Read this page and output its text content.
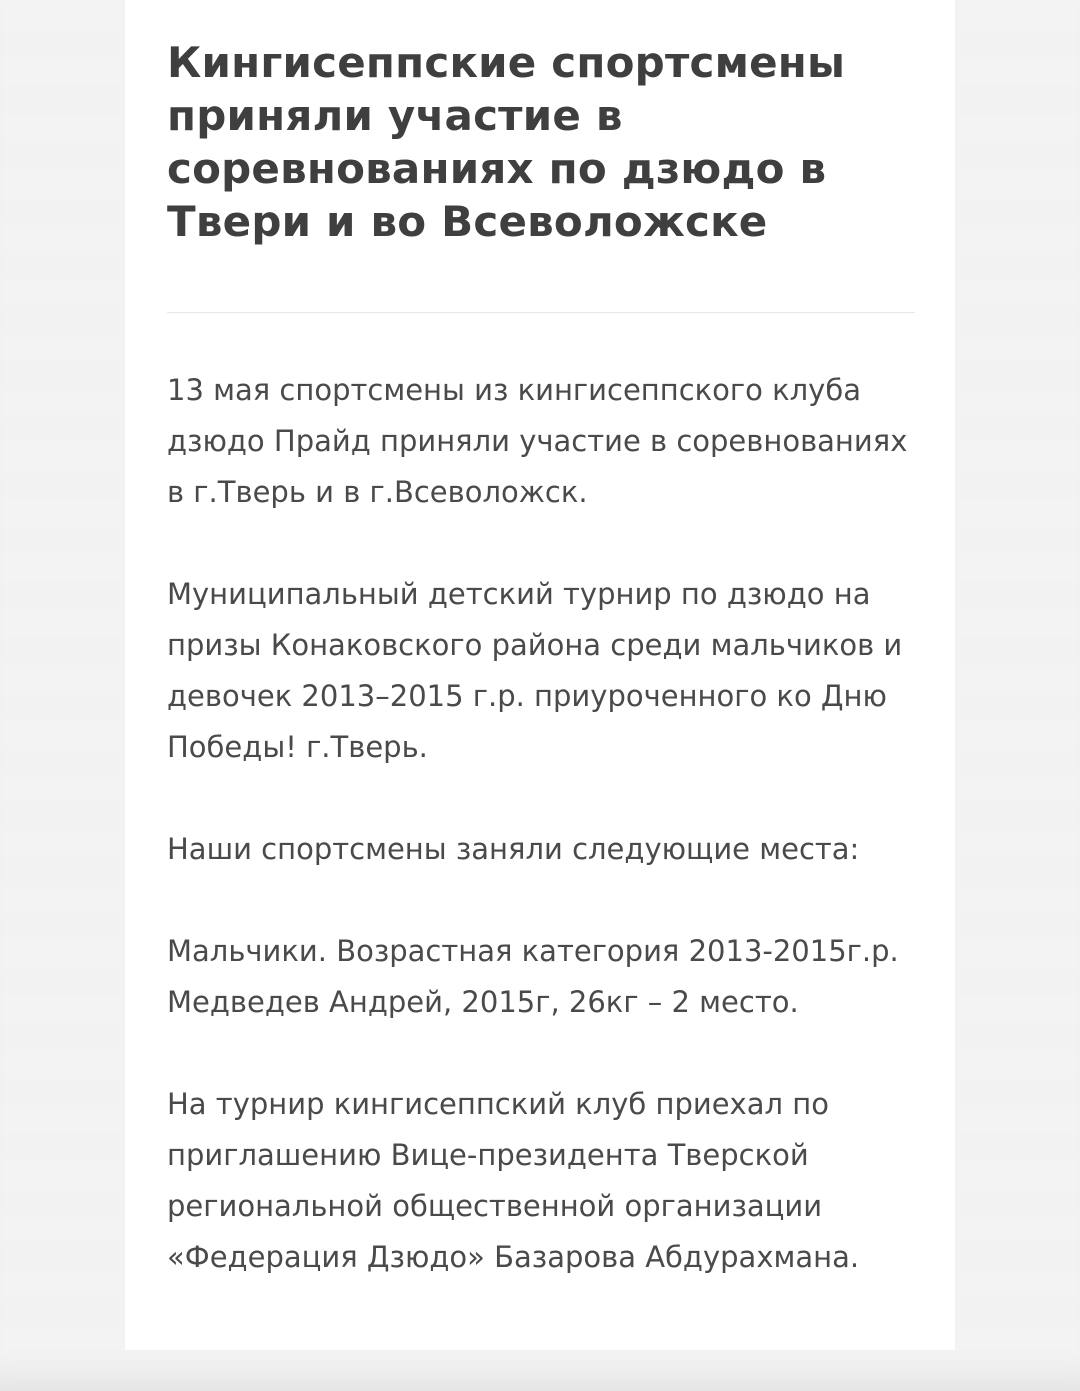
Кингисеппские спортсмены приняли участие в соревнованиях по дзюдо в Твери и во Всеволожске

13 мая спортсмены из кингисеппского клуба дзюдо Прайд приняли участие в соревнованиях в г.Тверь и в г.Всеволожск.

Муниципальный детский турнир по дзюдо на призы Конаковского района среди мальчиков и девочек 2013–2015 г.р. приуроченного ко Дню Победы! г.Тверь.

Наши спортсмены заняли следующие места:

Мальчики. Возрастная категория 2013-2015г.р.
Медведев Андрей, 2015г, 26кг – 2 место.

На турнир кингисеппский клуб приехал по приглашению Вице-президента Тверской региональной общественной организации «Федерация Дзюдо» Базарова Абдурахмана.
